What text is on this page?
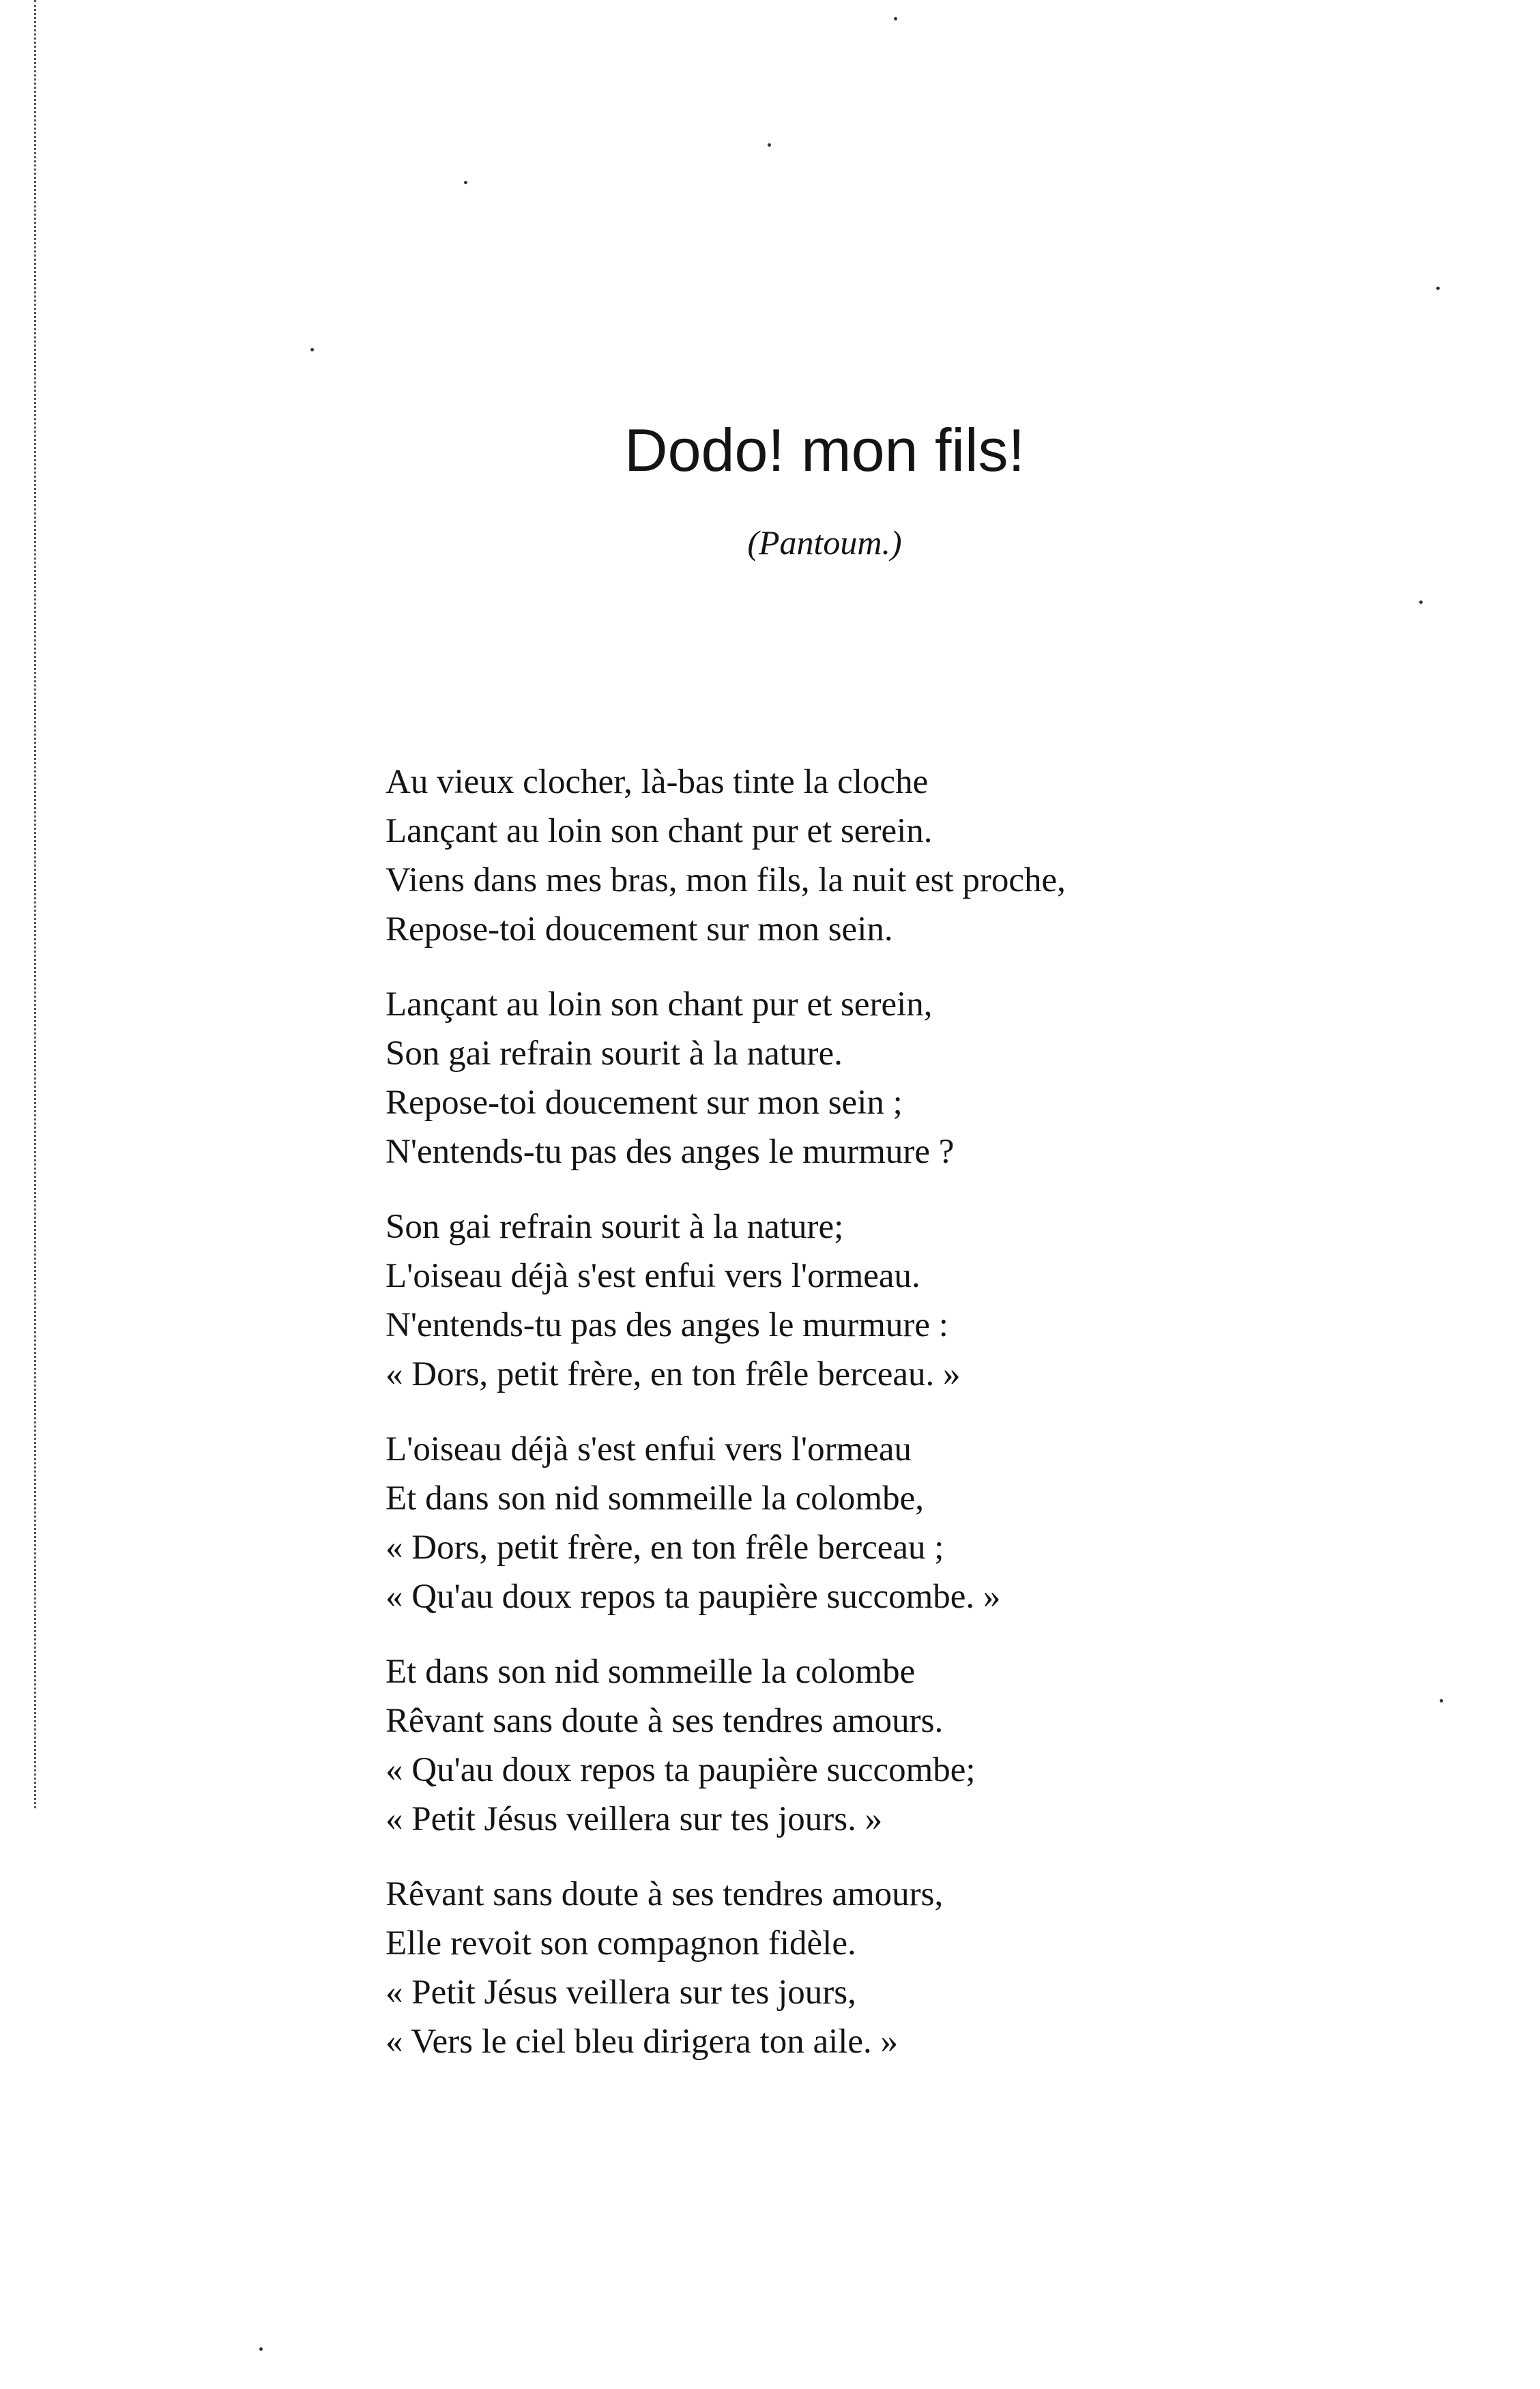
Dodo! mon fils!

(Pantoum.)

Au vieux clocher, là-bas tinte la cloche
Lançant au loin son chant pur et serein.
Viens dans mes bras, mon fils, la nuit est proche,
Repose-toi doucement sur mon sein.
Lançant au loin son chant pur et serein,
Son gai refrain sourit à la nature.
Repose-toi doucement sur mon sein ;
N'entends-tu pas des anges le murmure ?
Son gai refrain sourit à la nature;
L'oiseau déjà s'est enfui vers l'ormeau.
N'entends-tu pas des anges le murmure :
« Dors, petit frère, en ton frêle berceau. »
L'oiseau déjà s'est enfui vers l'ormeau
Et dans son nid sommeille la colombe,
« Dors, petit frère, en ton frêle berceau ;
« Qu'au doux repos ta paupière succombe. »
Et dans son nid sommeille la colombe
Rêvant sans doute à ses tendres amours.
« Qu'au doux repos ta paupière succombe;
« Petit Jésus veillera sur tes jours. »
Rêvant sans doute à ses tendres amours,
Elle revoit son compagnon fidèle.
« Petit Jésus veillera sur tes jours,
« Vers le ciel bleu dirigera ton aile. »
